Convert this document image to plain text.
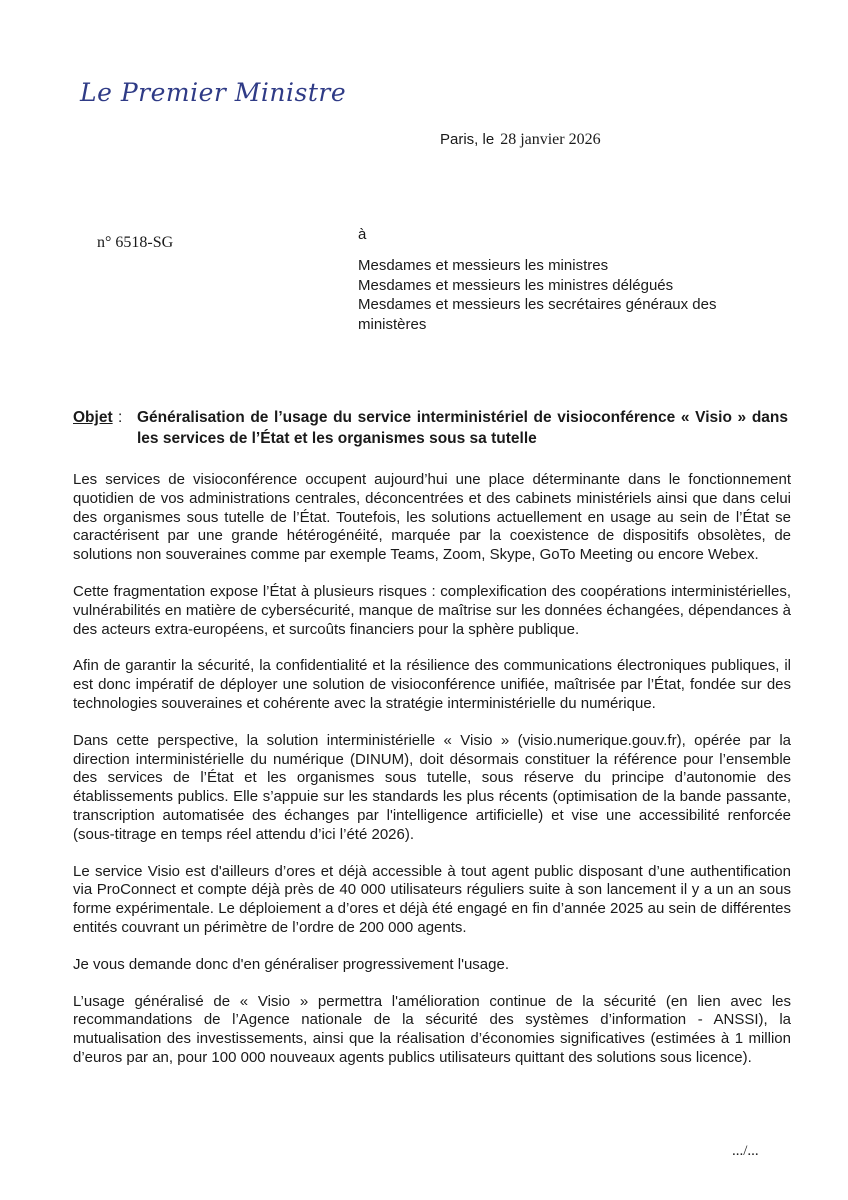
Le Premier Ministre
Paris, le 28 janvier 2026
n° 6518-SG	à
Mesdames et messieurs les ministres
Mesdames et messieurs les ministres délégués
Mesdames et messieurs les secrétaires généraux des
ministères
Objet : Généralisation de l’usage du service interministériel de visioconférence « Visio » dans les services de l’État et les organismes sous sa tutelle

Les services de visioconférence occupent aujourd’hui une place déterminante dans le fonctionnement quotidien de vos administrations centrales, déconcentrées et des cabinets ministériels ainsi que dans celui des organismes sous tutelle de l’État. Toutefois, les solutions actuellement en usage au sein de l’État se caractérisent par une grande hétérogénéité, marquée par la coexistence de dispositifs obsolètes, de solutions non souveraines comme par exemple Teams, Zoom, Skype, GoTo Meeting ou encore Webex.

Cette fragmentation expose l’État à plusieurs risques : complexification des coopérations interministérielles, vulnérabilités en matière de cybersécurité, manque de maîtrise sur les données échangées, dépendances à des acteurs extra-européens, et surcoûts financiers pour la sphère publique.

Afin de garantir la sécurité, la confidentialité et la résilience des communications électroniques publiques, il est donc impératif de déployer une solution de visioconférence unifiée, maîtrisée par l’État, fondée sur des technologies souveraines et cohérente avec la stratégie interministérielle du numérique.

Dans cette perspective, la solution interministérielle « Visio » (visio.numerique.gouv.fr), opérée par la direction interministérielle du numérique (DINUM), doit désormais constituer la référence pour l’ensemble des services de l’État et les organismes sous tutelle, sous réserve du principe d’autonomie des établissements publics. Elle s’appuie sur les standards les plus récents (optimisation de la bande passante, transcription automatisée des échanges par l'intelligence artificielle) et vise une accessibilité renforcée (sous-titrage en temps réel attendu d’ici l’été 2026).

Le service Visio est d'ailleurs d’ores et déjà accessible à tout agent public disposant d’une authentification via ProConnect et compte déjà près de 40 000 utilisateurs réguliers suite à son lancement il y a un an sous forme expérimentale. Le déploiement a d’ores et déjà été engagé en fin d’année 2025 au sein de différentes entités couvrant un périmètre de l’ordre de 200 000 agents.

Je vous demande donc d'en généraliser progressivement l'usage.

L’usage généralisé de « Visio » permettra l'amélioration continue de la sécurité (en lien avec les recommandations de l’Agence nationale de la sécurité des systèmes d’information - ANSSI), la mutualisation des investissements, ainsi que la réalisation d’économies significatives (estimées à 1 million d’euros par an, pour 100 000 nouveaux agents publics utilisateurs quittant des solutions sous licence).

.../...
